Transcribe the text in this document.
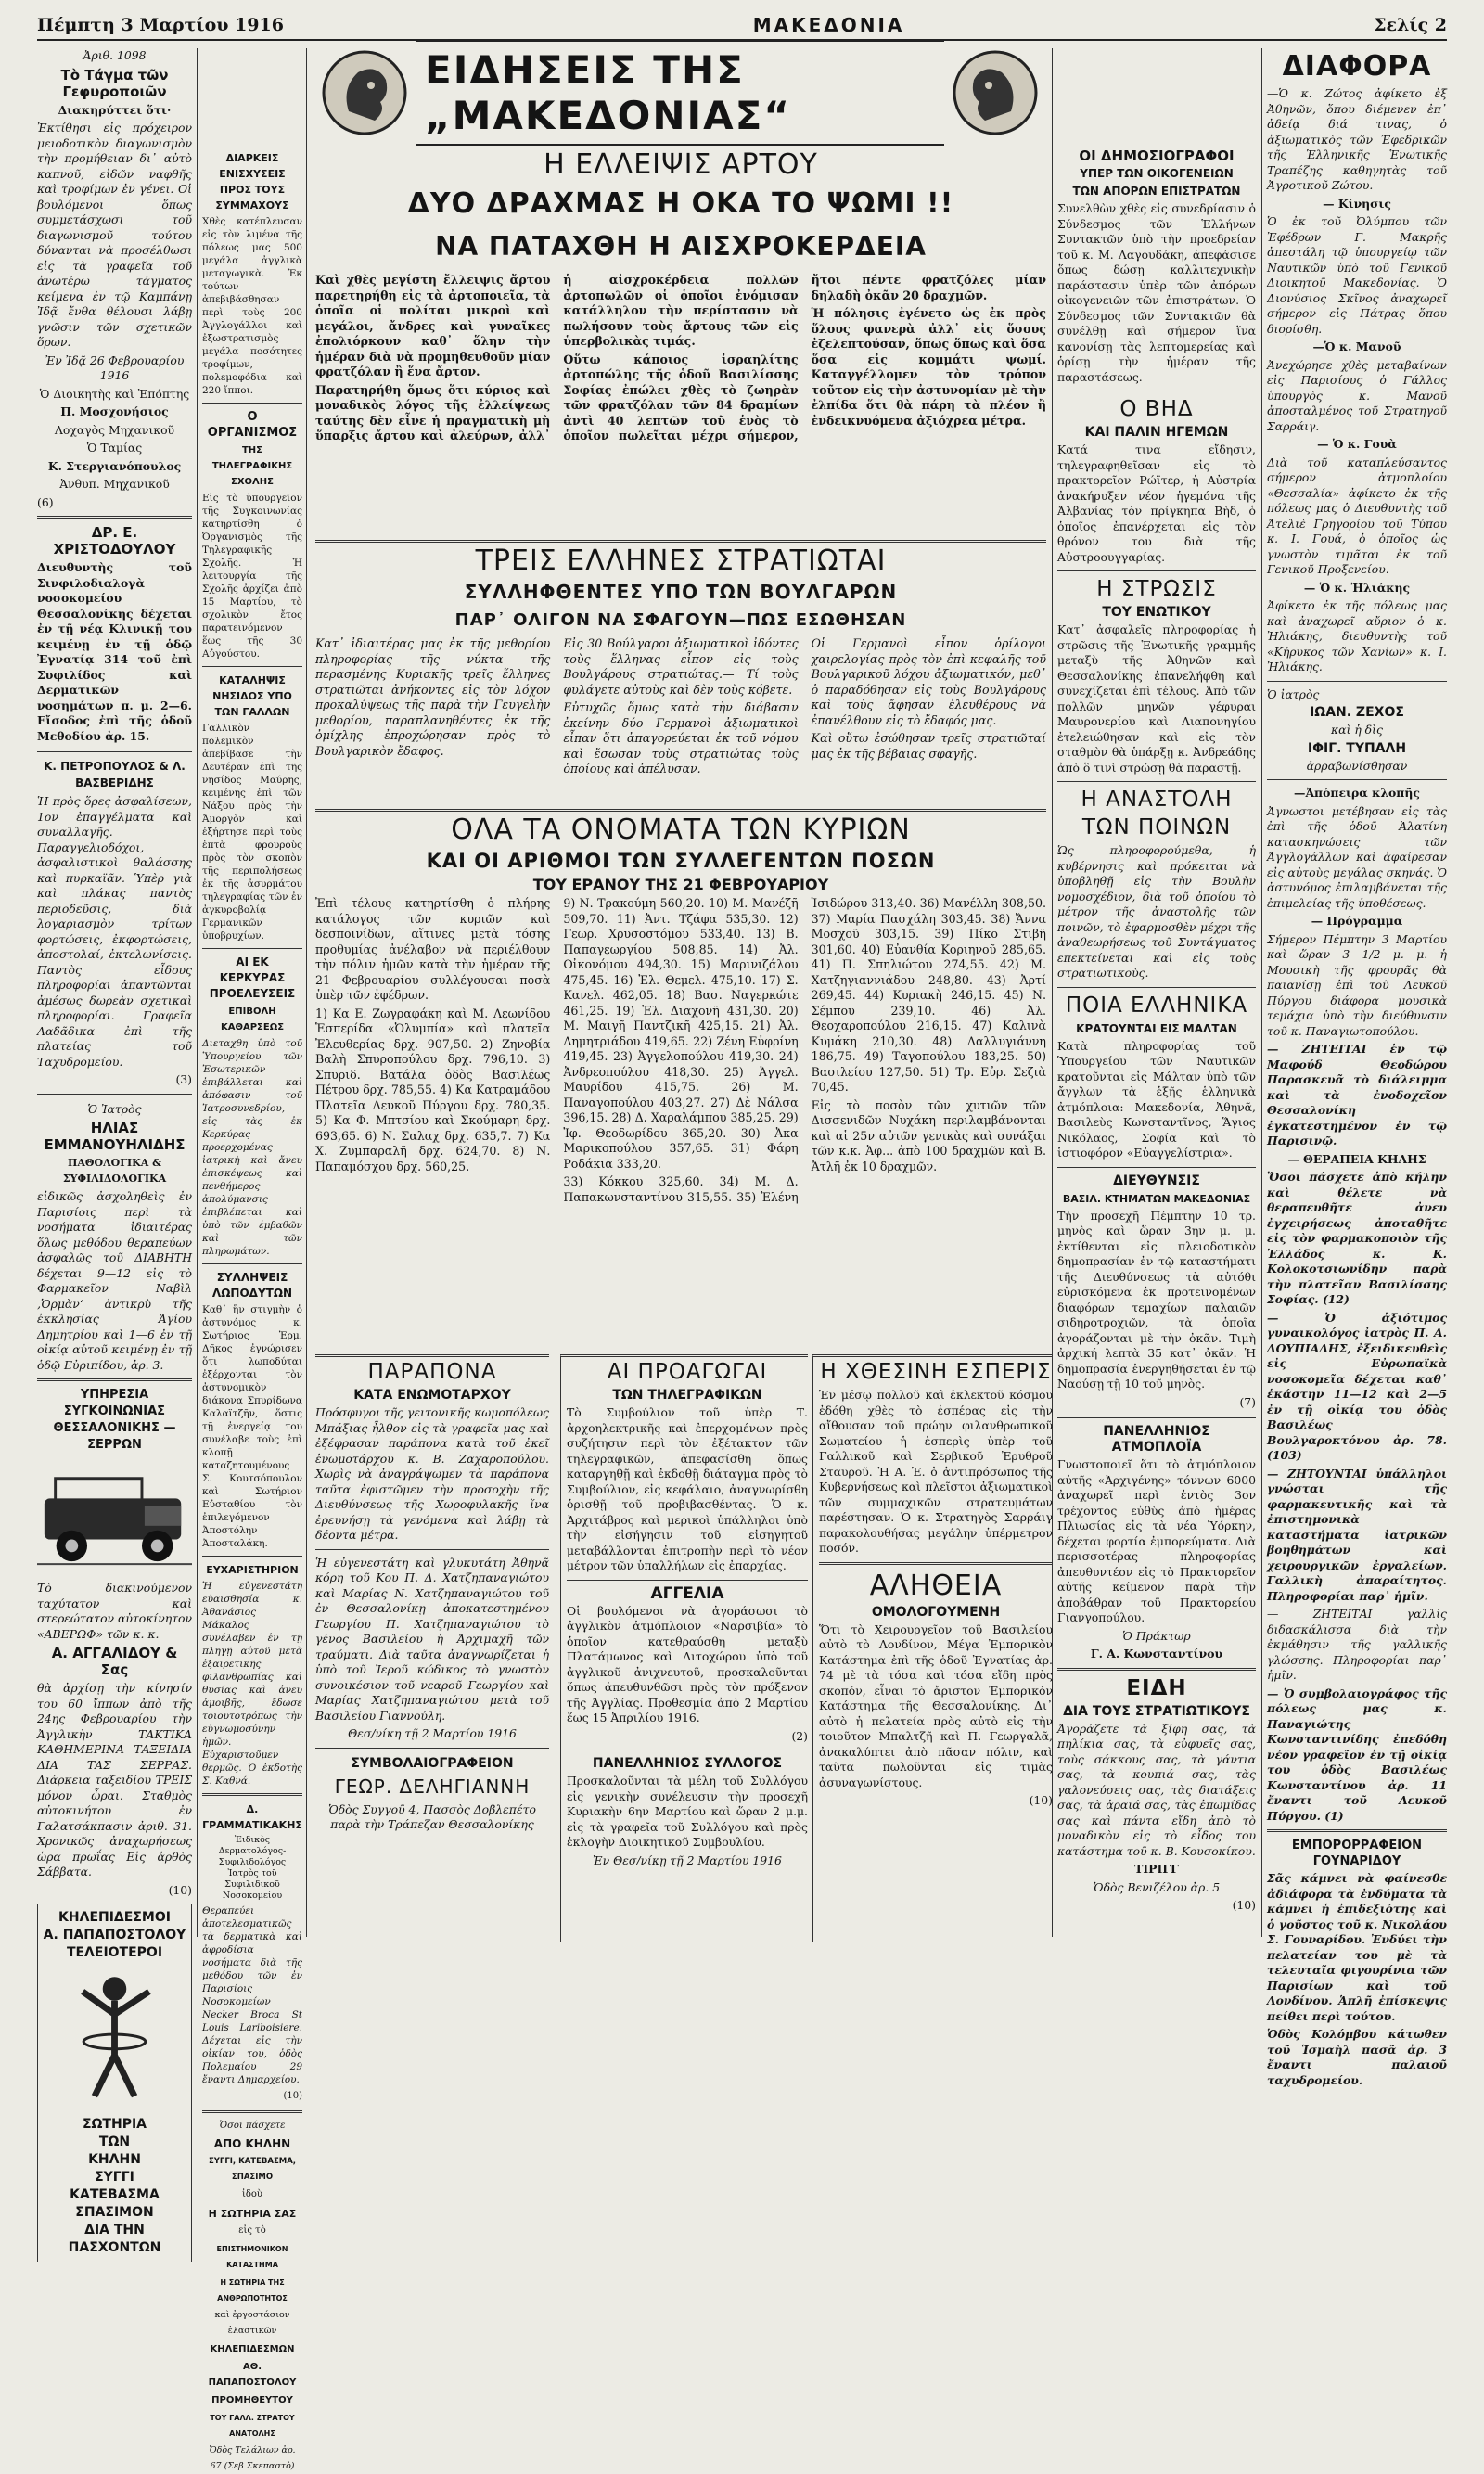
Πέμπτη 3 Μαρτίου 1916	ΜΑΚΕΔΟΝΙΑ	Σελίς 2

Ἀριθ. 1098

Τὸ Τάγμα τῶν Γεφυροποιῶν

Διακηρύττει ὅτι·

Ἐκτίθησι εἰς πρόχειρον μειοδοτικὸν διαγωνισμὸν τὴν προμήθειαν δι᾽ αὐτὸ καπνοῦ, εἰδῶν ναφθῆς καὶ τροφίμων ἐν γένει. Οἱ βουλόμενοι ὅπως συμμετάσχωσι τοῦ διαγωνισμοῦ τούτου δύνανται νὰ προσέλθωσι εἰς τὰ γραφεῖα τοῦ ἀνωτέρω τάγματος κείμενα ἐν τῷ Καμπάνῃ Ἰδᾷ ἔνθα θέλουσι λάβῃ γνῶσιν τῶν σχετικῶν ὅρων.

Ἐν Ἰδᾷ 26 Φεβρουαρίου 1916

Ὁ Διοικητὴς καὶ Ἐπόπτης

Π. Μοσχονήσιος

Λοχαγὸς Μηχανικοῦ

Ὁ Ταμίας

Κ. Στεργιανόπουλος

Ἀνθυπ. Μηχανικοῦ

(6)

ΔΡ. Ε. ΧΡΙΣΤΟΔΟΥΛΟΥ

Διευθυντὴς τοῦ Σινφιλοδιαλογὰ νοσοκομείου Θεσσαλονίκης δέχεται ἐν τῇ νέᾳ Κλινικῇ του κειμένῃ ἐν τῇ ὁδῷ Ἐγνατίᾳ 314 τοῦ ἐπὶ Συφιλίδος καὶ Δερματικῶν νοσημάτων π. μ. 2—6. Εἴσοδος ἐπὶ τῆς ὁδοῦ Μεθοδίου ἀρ. 15.

Κ. ΠΕΤΡΟΠΟΥΛΟΣ & Λ. ΒΑΣΒΕΡΙΔΗΣ

Ἡ πρὸς ὅρες ἀσφαλίσεων, 1ον ἐπαγγέλματα καὶ συναλλαγῆς. Παραγγελιοδόχοι, ἀσφαλιστικοὶ θαλάσσης καὶ πυρκαϊᾶν. Ὑπὲρ γιὰ καὶ πλάκας παντὸς περιοδεῦσις, διὰ λογαριασμὸν τρίτων φορτώσεις, ἐκφορτώσεις, ἀποστολαί, ἐκτελωνίσεις. Παντὸς εἶδους πληροφορίαι ἀπαντῶνται ἀμέσως δωρεὰν σχετικαὶ πληροφορίαι. Γραφεῖα Λαδᾶδικα ἐπὶ τῆς πλατείας τοῦ Ταχυδρομείου.

(3)

Ὁ Ἰατρὸς

ΗΛΙΑΣ ΕΜΜΑΝΟΥΗΛΙΔΗΣ

ΠΑΘΟΛΟΓΙΚΑ & ΣΥΦΙΛΙΔΟΛΟΓΙΚΑ

εἰδικῶς ἀσχοληθεὶς ἐν Παρισίοις περὶ τὰ νοσήματα ἰδιαιτέρας ὅλως μεθόδου θεραπεύων ἀσφαλῶς τοῦ ΔΙΑΒΗΤΗ δέχεται 9—12 εἰς τὸ Φαρμακεῖον Ναβὶλ ‚Ὁρμὰν‘ ἀντικρὺ τῆς ἐκκλησίας Ἁγίου Δημητρίου καὶ 1—6 ἐν τῇ οἰκίᾳ αὐτοῦ κειμένῃ ἐν τῇ ὁδῷ Εὐριπίδου, ἀρ. 3.

ΥΠΗΡΕΣΙΑ ΣΥΓΚΟΙΝΩΝΙΑΣ ΘΕΣΣΑΛΟΝΙΚΗΣ — ΣΕΡΡΩΝ

Τὸ διακινούμενον ταχύτατον καὶ στερεώτατον αὐτοκίνητον «ΑΒΕΡΩΦ» τῶν κ. κ.

Α. ΑΓΓΑΛΙΔΟΥ & Σας

θὰ ἀρχίσῃ τὴν κίνησίν του 60 ἴππων ἀπὸ τῆς 24ης Φεβρουαρίου τὴν Ἀγγλικὴν ΤΑΚΤΙΚΑ ΚΑΘΗΜΕΡΙΝΑ ΤΑΞΕΙΔΙΑ ΔΙΑ ΤΑΣ ΣΕΡΡΑΣ. Διάρκεια ταξειδίου ΤΡΕΙΣ μόνον ὧραι. Σταθμὸς αὐτοκινήτου ἐν Γαλατσάκπασιν ἀριθ. 31. Χρονικῶς ἀναχωρήσεως ὡρα πρωΐας Εἰς ἀρθὸς Σάββατα.

(10)

ΚΗΛΕΠΙΔΕΣΜΟΙ

Α. ΠΑΠΑΠΟΣΤΟΛΟΥ

ΤΕΛΕΙΟΤΕΡΟΙ

ΣΩΤΗΡΙΑ

ΤΩΝ

ΚΗΛΗΝ

ΣΥΓΓΙ

ΚΑΤΕΒΑΣΜΑ

ΣΠΑΣΙΜΟΝ

ΔΙΑ ΤΗΝ

ΠΑΣΧΟΝΤΩΝ

ΕΙΔΗΣΕΙΣ ΤΗΣ „ΜΑΚΕΔΟΝΙΑΣ“

ΔΙΑΡΚΕΙΣ ΕΝΙΣΧΥΣΕΙΣ ΠΡΟΣ ΤΟΥΣ ΣΥΜΜΑΧΟΥΣ

Χθὲς κατέπλευσαν εἰς τὸν λιμένα τῆς πόλεως μας 500 μεγάλα ἀγγλικὰ μεταγωγικὰ. Ἐκ τούτων ἀπεβιβάσθησαν περὶ τοὺς 200 Ἀγγλογάλλοι καὶ ἐξωστρατισμὸς μεγάλα ποσότητες τροφίμων, πολεμοφόδια καὶ 220 ἵπποι.

Ο ΟΡΓΑΝΙΣΜΟΣ

ΤΗΣ ΤΗΛΕΓΡΑΦΙΚΗΣ ΣΧΟΛΗΣ

Εἰς τὸ ὑπουργεῖον τῆς Συγκοινωνίας κατηρτίσθη ὁ Ὀργανισμὸς τῆς Τηλεγραφικῆς Σχολῆς. Ἡ λειτουργία τῆς Σχολῆς ἀρχίζει ἀπὸ 15 Μαρτίου, τὸ σχολικὸν ἔτος παρατεινόμενον ἕως τῆς 30 Αὐγούστου.

ΚΑΤΑΛΗΨΙΣ ΝΗΣΙΔΟΣ ΥΠΟ ΤΩΝ ΓΑΛΛΩΝ

Γαλλικὸν πολεμικὸν ἀπεβίβασε τὴν Δευτέραν ἐπὶ τῆς νησίδος Μαύρης, κειμένης ἐπὶ τῶν Νάξου πρὸς τὴν Ἀμοργὸν καὶ ἐξήρτησε περὶ τοὺς ἑπτὰ φρουροὺς πρὸς τὸν σκοπὸν τῆς περιπολήσεως ἐκ τῆς ἀσυρμάτου τηλεγραφίας τῶν ἐν ἀγκυροβολίᾳ Γερμανικῶν ὑποβρυχίων.

ΑΙ ΕΚ ΚΕΡΚΥΡΑΣ ΠΡΟΕΛΕΥΣΕΙΣ

ΕΠΙΒΟΛΗ ΚΑΘΑΡΣΕΩΣ

Διεταχθη ὑπὸ τοῦ Ὑπουργείου τῶν Ἐσωτερικῶν ἐπιβάλλεται καὶ ἀπόφασιν τοῦ Ἰατροσυνεδρίου, εἰς τὰς ἐκ Κερκύρας προερχομένας ἰατρικὴ καὶ ἄνευ ἐπισκέψεως καὶ πενθήμερος ἀπολύμανσις ἐπιβλέπεται καὶ ὑπὸ τῶν ἐμβαθῶν καὶ τῶν πληρωμάτων.

ΣΥΛΛΗΨΕΙΣ ΛΩΠΟΔΥΤΩΝ

Καθ᾽ ἣν στιγμὴν ὁ ἀστυνόμος κ. Σωτήριος Ἑρμ. Δῆκος ἐγνώρισεν ὅτι λωποδύται ἐξέρχονται τὸν ἀστυνομικὸν διάκονα Σπυρίδωνα Καλαϊτζῆν, ὅστις τῇ ἐνεργείᾳ του συνέλαβε τοὺς ἐπὶ κλοπῇ καταζητουμένους Σ. Κουτσόπουλον καὶ Σωτήριον Εὐσταθίου τὸν ἐπιλεγόμενον Ἀποστόλην Ἀποσταλάκη.

ΕΥΧΑΡΙΣΤΗΡΙΟΝ

Ἡ εὐγενεστάτη εὐαισθησία κ. Ἀθανάσιος Μάκαλος συνέλαβεν ἐν τῇ πληγῇ αὐτοῦ μετὰ ἐξαιρετικῆς φιλανθρωπίας καὶ θυσίας καὶ ἀνευ ἀμοιβῆς, ἔδωσε τοιουτοτρόπως τὴν εὐγνωμοσύνην ἡμῶν. Εὐχαριστοῦμεν θερμῶς. Ὁ ἐκδοτὴς Σ. Καθνά.

Δ. ΓΡΑΜΜΑΤΙΚΑΚΗΣ

Ἐιδικὸς Δερματολόγος-Συφιλιδολόγος Ἰατρὸς τοῦ Συφιλιδικοῦ Νοσοκομείου

Θεραπεύει ἀποτελεσματικῶς τὰ δερματικὰ καὶ ἀφροδίσια νοσήματα διὰ τῆς μεθόδου τῶν ἐν Παρισίοις Νοσοκομείων Necker Broca St Louis Lariboisiere. Δέχεται εἰς τὴν οἰκίαν του, ὁδὸς Πολεμαίου 29 ἔναντι Δημαρχείου.

(10)

Ὁσοι πάσχετε

ΑΠΟ ΚΗΛΗΝ

ΣΥΓΓΙ, ΚΑΤΕΒΑΣΜΑ, ΣΠΑΣΙΜΟ

ἰδοὺ

Η ΣΩΤΗΡΙΑ ΣΑΣ

εἰς τὸ

ΕΠΙΣΤΗΜΟΝΙΚΟΝ ΚΑΤΑΣΤΗΜΑ

Η ΣΩΤΗΡΙΑ ΤΗΣ ΑΝΘΡΩΠΟΤΗΤΟΣ

καὶ ἐργοστάσιον ἐλαστικῶν

ΚΗΛΕΠΙΔΕΣΜΩΝ

ΑΘ. ΠΑΠΑΠΟΣΤΟΛΟΥ

ΠΡΟΜΗΘΕΥΤΟΥ

ΤΟΥ ΓΑΛΛ. ΣΤΡΑΤΟΥ ΑΝΑΤΟΛΗΣ

Ὁδὸς Τελάλιων ἀρ. 67 (Σεβ Σκεπαστὸ)

Η ΕΛΛΕΙΨΙΣ ΑΡΤΟΥ

ΔΥΟ ΔΡΑΧΜΑΣ Η ΟΚΑ ΤΟ ΨΩΜΙ !!

ΝΑ ΠΑΤΑΧΘΗ Η ΑΙΣΧΡΟΚΕΡΔΕΙΑ

Καὶ χθὲς μεγίστη ἔλλειψις ἄρτου παρετηρήθη εἰς τὰ ἀρτοποιεῖα, τὰ ὁποῖα οἱ πολίται μικροὶ καὶ μεγάλοι, ἄνδρες καὶ γυναῖκες ἐπολιόρκουν καθ᾽ ὅλην τὴν ἡμέραν διὰ νὰ προμηθευθοῦν μίαν φρατζόλαν ἢ ἕνα ἄρτον.

Παρατηρήθη ὅμως ὅτι κύριος καὶ μοναδικὸς λόγος τῆς ἐλλείψεως ταύτης δὲν εἶνε ἡ πραγματικὴ μὴ ὕπαρξις ἄρτου καὶ ἀλεύρων, ἀλλ᾽ ἡ αἰσχροκέρδεια πολλῶν ἀρτοπωλῶν οἱ ὁποῖοι ἐνόμισαν κατάλληλον τὴν περίστασιν νὰ πωλήσουν τοὺς ἄρτους τῶν εἰς ὑπερβολικὰς τιμάς.

Οὕτω κάποιος ἰσραηλίτης ἀρτοπώλης τῆς ὁδοῦ Βασιλίσσης Σοφίας ἐπώλει χθὲς τὸ ζωηρὰν τῶν φρατζόλαν τῶν 84 δραμίων ἀντὶ 40 λεπτῶν τοῦ ἑνὸς τὸ ὁποῖον πωλεῖται μέχρι σήμερον, ἤτοι πέντε φρατζόλες μίαν δηλαδὴ ὀκᾶν 20 δραχμῶν.

Ἡ πόλησις ἐγένετο ὡς ἐκ πρὸς ὅλους φανερὰ ἀλλ᾽ εἰς ὅσους ἐζελεπτούσαν, ὅπως ὅπως καὶ ὅσα ὅσα εἰς κομμάτι ψωμί. Καταγγέλλομεν τὸν τρόπον τοῦτον εἰς τὴν ἀστυνομίαν μὲ τὴν ἐλπίδα ὅτι θὰ πάρη τὰ πλέον ἢ ἐνδεικνυόμενα ἀξιόχρεα μέτρα.

ΤΡΕΙΣ ΕΛΛΗΝΕΣ ΣΤΡΑΤΙΩΤΑΙ

ΣΥΛΛΗΦΘΕΝΤΕΣ ΥΠΟ ΤΩΝ ΒΟΥΛΓΑΡΩΝ

ΠΑΡ᾽ ΟΛΙΓΟΝ ΝΑ ΣΦΑΓΟΥΝ—ΠΩΣ ΕΣΩΘΗΣΑΝ

Κατ᾽ ἰδιαιτέρας μας ἐκ τῆς μεθορίου πληροφορίας τῆς νύκτα τῆς περασμένης Κυριακῆς τρεῖς ἕλληνες στρατιῶται ἀνήκοντες εἰς τὸν λόχον προκαλύψεως τῆς παρὰ τὴν Γευγελὴν μεθορίου, παραπλανηθέντες ἐκ τῆς ὀμίχλης ἐπροχώρησαν πρὸς τὸ Βουλγαρικὸν ἔδαφος.

Εἰς 30 Βούλγαροι ἀξιωματικοὶ ἰδόντες τοὺς ἕλληνας εἶπον εἰς τοὺς Βουλγάρους στρατιώτας.— Τί τοὺς φυλάγετε αὐτοὺς καὶ δὲν τοὺς κόβετε.

Εὐτυχῶς ὅμως κατὰ τὴν διάβασιν ἐκείνην δύο Γερμανοὶ ἀξιωματικοὶ εἶπαν ὅτι ἀπαγορεύεται ἐκ τοῦ νόμου καὶ ἔσωσαν τοὺς στρατιώτας τοὺς ὁποίους καὶ ἀπέλυσαν.

Οἱ Γερμανοὶ εἶπον ὁρίλογοι χαιρελογίας πρὸς τὸν ἐπὶ κεφαλῆς τοῦ Βουλγαρικοῦ λόχου ἀξιωματικόν, μεθ᾽ ὁ παραδόθησαν εἰς τοὺς Βουλγάρους καὶ τοὺς ἄφησαν ἐλευθέρους νὰ ἐπανέλθουν εἰς τὸ ἔδαφός μας.

Καὶ οὕτω ἐσώθησαν τρεῖς στρατιῶταί μας ἐκ τῆς βέβαιας σφαγῆς.

ΟΛΑ ΤΑ ΟΝΟΜΑΤΑ ΤΩΝ ΚΥΡΙΩΝ

ΚΑΙ ΟΙ ΑΡΙΘΜΟΙ ΤΩΝ ΣΥΛΛΕΓΕΝΤΩΝ ΠΟΣΩΝ

ΤΟΥ ΕΡΑΝΟΥ ΤΗΣ 21 ΦΕΒΡΟΥΑΡΙΟΥ

Ἐπὶ τέλους κατηρτίσθη ὁ πλήρης κατάλογος τῶν κυριῶν καὶ δεσποινίδων, αἵτινες μετὰ τόσης προθυμίας ἀνέλαβον νὰ περιέλθουν τὴν πόλιν ἡμῶν κατὰ τὴν ἡμέραν τῆς 21 Φεβρουαρίου συλλέγουσαι ποσὰ ὑπὲρ τῶν ἐφέδρων.

1) Κα Ε. Ζωγραφάκη καὶ Μ. Λεωνίδου Ἑσπερίδα «Ὀλυμπία» καὶ πλατεῖα Ἐλευθερίας δρχ. 907,50. 2) Ζηνοβία Βαλὴ Σπυροπούλου δρχ. 796,10. 3) Σπυριδ. Βατάλα ὁδὸς Βασιλέως Πέτρου δρχ. 785,55. 4) Κα Κατραμάδου Πλατεῖα Λευκοῦ Πύργου δρχ. 780,35. 5) Κα Φ. Μπτσίου καὶ Σκούμαρη δρχ. 693,65. 6) Ν. Σαλαχ δρχ. 635,7. 7) Κα Χ. Ζυμπαραλῆ δρχ. 624,70. 8) Ν. Παπαμόσχου δρχ. 560,25.

9) Ν. Τρακούμη 560,20. 10) Μ. Μανέζῆ 509,70. 11) Ἀντ. Τζάφα 535,30. 12) Γεωρ. Χρυσοστόμου 533,40. 13) Β. Παπαγεωργίου 508,85. 14) Ἀλ. Οἰκονόμου 494,30. 15) Μαρινιζάλου 475,45. 16) Ἐλ. Θεμελ. 475,10. 17) Σ. Κανελ. 462,05. 18) Βασ. Ναγερκώτε 461,25. 19) Ἑλ. Διαχονῆ 431,30. 20) Μ. Μαιγῆ Παντζικῆ 425,15. 21) Ἀλ. Δημητριάδου 419,65. 22) Ζένη Εὐφρίνη 419,45. 23) Ἀγγελοπούλου 419,30. 24) Ἀνδρεοπούλου 418,30. 25) Ἀγγελ. Μαυρίδου 415,75. 26) Μ. Παναγοπούλου 403,27. 27) Δὲ Νάλσα 396,15. 28) Δ. Χαραλάμπου 385,25. 29) Ἰφ. Θεοδωρίδου 365,20. 30) Ἀκα Μαρικοπούλου 357,65. 31) Φάρη Ροδάκια 333,20.

33) Κόκκου 325,60. 34) Μ. Δ. Παπακωνσταντίνου 315,55. 35) Ἑλένη Ἰσιδώρου 313,40. 36) Μανέλλη 308,50. 37) Μαρία Πασχάλη 303,45. 38) Ἄννα Μοσχοῦ 303,15. 39) Πίκο Στιβῆ 301,60. 40) Εὐανθία Κοριηνοῦ 285,65. 41) Π. Σπηλιώτου 274,55. 42) Μ. Χατζηγιαννιάδου 248,80. 43) Ἀρτί 269,45. 44) Κυριακὴ 246,15. 45) Ν. Σέμπου 239,10. 46) Ἀλ. Θεοχαροπούλου 216,15. 47) Καλινὰ Κυμάκη 210,30. 48) Λαλλυγιάννη 186,75. 49) Ταγοπούλου 183,25. 50) Βασιλείου 127,50. 51) Τρ. Εὐρ. Σεζιὰ 70,45.

Εἰς τὸ ποσὸν τῶν χυτιῶν τῶν Δισσενιδῶν Νυχάκη περιλαμβάνονται καὶ αἱ 25ν αὐτῶν γενικὰς καὶ συνάξαι τῶν κ.κ. Ἀφ... ἀπὸ 100 δραχμῶν καὶ Β. Ἀτλῆ ἐκ 10 δραχμῶν.

ΠΑΡΑΠΟΝΑ

ΚΑΤΑ ΕΝΩΜΟΤΑΡΧΟΥ

Πρόσφυγοι τῆς γειτονικῆς κωμοπόλεως Μπάξιας ἦλθον εἰς τὰ γραφεῖα μας καὶ ἐξέφρασαν παράπονα κατὰ τοῦ ἐκεῖ ἐνωμοτάρχου κ. Β. Ζαχαροπούλου. Χωρὶς νὰ ἀναγράψωμεν τὰ παράπονα ταῦτα ἐφιστῶμεν τὴν προσοχὴν τῆς Διευθύνσεως τῆς Χωροφυλακῆς ἵνα ἐρευνήσῃ τὰ γενόμενα καὶ λάβῃ τὰ δέοντα μέτρα.

Ἡ εὐγενεστάτη καὶ γλυκυτάτη Ἀθηνᾶ κόρη τοῦ Κου Π. Δ. Χατζηπαναγιώτου καὶ Μαρίας Ν. Χατζηπαναγιώτου τοῦ ἐν Θεσσαλονίκῃ ἀποκατεστημένου Γεωργίου Π. Χατζηπαναγιώτου τὸ γένος Βασιλείου ἡ Ἀρχιμαχῆ τῶν τραύματι. Διὰ ταῦτα ἀναγνωρίζεται ἡ ὑπὸ τοῦ Ἱεροῦ κώδικος τὸ γνωστὸν συνοικέσιον τοῦ νεαροῦ Γεωργίου καὶ Μαρίας Χατζηπαναγιώτου μετὰ τοῦ Βασιλείου Γιαννούλη.

Θεσ/νίκη τῇ 2 Μαρτίου 1916

ΣΥΜΒΟΛΑΙΟΓΡΑΦΕΙΟΝ

ΓΕΩΡ. ΔΕΛΗΓΙΑΝΝΗ

Ὁδὸς Συγγοῦ 4, Πασσὸς Δοβλεπέτο παρὰ τὴν Τράπεζαν Θεσσαλονίκης

ΑΙ ΠΡΟΑΓΩΓΑΙ

ΤΩΝ ΤΗΛΕΓΡΑΦΙΚΩΝ

Τὸ Συμβούλιον τοῦ ὑπὲρ Τ. ἀρχοηλεκτρικῆς καὶ ἐπερχομένων πρὸς συζήτησιν περὶ τὸν ἐξέτακτον τῶν τηλεγραφικῶν, ἀπεφασίσθη ὅπως καταργηθῇ καὶ ἐκδοθῇ διάταγμα πρὸς τὸ Συμβούλιον, εἰς κεφάλαιο, ἀναγνωρίσθη ὁρισθῇ τοῦ προβιβασθέντας. Ὁ κ. Ἀρχιτάβρος καὶ μερικοὶ ὑπάλληλοι ὑπὸ τὴν εἰσήγησιν τοῦ εἰσηγητοῦ μεταβάλλονται ἐπιτροπὴν περὶ τὸ νέον μέτρον τῶν ὑπαλλήλων εἰς ἐπαρχίας.

ΑΓΓΕΛΙΑ

Οἱ βουλόμενοι νὰ ἀγοράσωσι τὸ ἀγγλικὸν ἀτμόπλοιον «Ναρσιβία» τὸ ὁποῖον κατεθραύσθη μεταξὺ Πλατάμωνος καὶ Λιτοχώρου ὑπὸ τοῦ ἀγγλικοῦ ἀνιχνευτοῦ, προσκαλοῦνται ὅπως ἀπευθυνθῶσι πρὸς τὸν πρόξενον τῆς Ἀγγλίας. Προθεσμία ἀπὸ 2 Μαρτίου ἕως 15 Ἀπριλίου 1916.

(2)

ΠΑΝΕΛΛΗΝΙΟΣ ΣΥΛΛΟΓΟΣ

Προσκαλοῦνται τὰ μέλη τοῦ Συλλόγου εἰς γενικὴν συνέλευσιν τὴν προσεχῆ Κυριακὴν 6ην Μαρτίου καὶ ὥραν 2 μ.μ. εἰς τὰ γραφεῖα τοῦ Συλλόγου καὶ πρὸς ἐκλογὴν Διοικητικοῦ Συμβουλίου.

Ἐν Θεσ/νίκῃ τῇ 2 Μαρτίου 1916

Η ΧΘΕΣΙΝΗ ΕΣΠΕΡΙΣ

Ἐν μέσῳ πολλοῦ καὶ ἐκλεκτοῦ κόσμου ἐδόθη χθὲς τὸ ἑσπέρας εἰς τὴν αἴθουσαν τοῦ πρώην φιλανθρωπικοῦ Σωματείου ἡ ἑσπερὶς ὑπὲρ τοῦ Γαλλικοῦ καὶ Σερβικοῦ Ἐρυθροῦ Σταυροῦ. Ἡ Α. Ἐ. ὁ ἀντιπρόσωπος τῆς Κυβερνήσεως καὶ πλεῖστοι ἀξιωματικοὶ τῶν συμμαχικῶν στρατευμάτων παρέστησαν. Ὁ κ. Στρατηγὸς Σαρράιγ παρακολουθήσας μεγάλην ὑπέρμετρον ποσόν.

ΑΛΗΘΕΙΑ

ΟΜΟΛΟΓΟΥΜΕΝΗ

Ὅτι τὸ Χειρουργεῖον τοῦ Βασιλείου αὐτὸ τὸ Λονδίνον, Μέγα Ἐμπορικὸν Κατάστημα ἐπὶ τῆς ὁδοῦ Ἐγνατίας ἀρ. 74 μὲ τὰ τόσα καὶ τόσα εἴδη πρὸς σκοπόν, εἶναι τὸ ἄριστον Ἐμπορικὸν Κατάστημα τῆς Θεσσαλονίκης. Δι᾽ αὐτὸ ἡ πελατεία πρὸς αὐτὸ εἰς τὴν τοιοῦτον Μπαλτζῆ καὶ Π. Γεωργαλᾶ, ἀνακαλύπτει ἀπὸ πᾶσαν πόλιν, καὶ ταῦτα πωλοῦνται εἰς τιμὰς ἀσυναγωνίστους.

(10)

ΟΙ ΔΗΜΟΣΙΟΓΡΑΦΟΙ

ΥΠΕΡ ΤΩΝ ΟΙΚΟΓΕΝΕΙΩΝ

ΤΩΝ ΑΠΟΡΩΝ ΕΠΙΣΤΡΑΤΩΝ

Συνελθὼν χθὲς εἰς συνεδρίασιν ὁ Σύνδεσμος τῶν Ἑλλήνων Συντακτῶν ὑπὸ τὴν προεδρείαν τοῦ κ. Μ. Λαγουδάκη, ἀπεφάσισε ὅπως δώσῃ καλλιτεχνικὴν παράστασιν ὑπὲρ τῶν ἀπόρων οἰκογενειῶν τῶν ἐπιστράτων. Ὁ Σύνδεσμος τῶν Συντακτῶν θὰ συνέλθῃ καὶ σήμερον ἵνα κανονίσῃ τὰς λεπτομερείας καὶ ὁρίσῃ τὴν ἡμέραν τῆς παραστάσεως.

Ο ΒΗΔ

ΚΑΙ ΠΑΛΙΝ ΗΓΕΜΩΝ

Κατά τινα εἴδησιν, τηλεγραφηθεῖσαν εἰς τὸ πρακτορεῖον Ρώϊτερ, ἡ Αὐστρία ἀνακήρυξεν νέον ἡγεμόνα τῆς Ἀλβανίας τὸν πρίγκηπα Βὴδ, ὁ ὁποῖος ἐπανέρχεται εἰς τὸν θρόνον του διὰ τῆς Αὐστροουγγαρίας.

Η ΣΤΡΩΣΙΣ

ΤΟΥ ΕΝΩΤΙΚΟΥ

Κατ᾽ ἀσφαλεῖς πληροφορίας ἡ στρῶσις τῆς Ἑνωτικῆς γραμμῆς μεταξὺ τῆς Ἀθηνῶν καὶ Θεσσαλονίκης ἐπανελήφθη καὶ συνεχίζεται ἐπὶ τέλους. Ἀπὸ τῶν πολλῶν μηνῶν γέφυραι Μαυρονερίου καὶ Λιαπονηγίου ἐτελειώθησαν καὶ εἰς τὸν σταθμὸν θὰ ὑπάρξῃ κ. Ἀνδρεάδης ἀπὸ ὃ τινὶ στρώσῃ θὰ παραστῇ.

Η ΑΝΑΣΤΟΛΗ

ΤΩΝ ΠΟΙΝΩΝ

Ὡς πληροφορούμεθα, ἡ κυβέρνησις καὶ πρόκειται νὰ ὑποβληθῇ εἰς τὴν Βουλὴν νομοσχέδιον, διὰ τοῦ ὁποίου τὸ μέτρον τῆς ἀναστολῆς τῶν ποινῶν, τὸ ἐφαρμοσθὲν μέχρι τῆς ἀναθεωρήσεως τοῦ Συντάγματος επεκτείνεται καὶ εἰς τοὺς στρατιωτικοὺς.

ΠΟΙΑ ΕΛΛΗΝΙΚΑ

ΚΡΑΤΟΥΝΤΑΙ ΕΙΣ ΜΑΛΤΑΝ

Κατὰ πληροφορίας τοῦ Ὑπουργείου τῶν Ναυτικῶν κρατοῦνται εἰς Μάλταν ὑπὸ τῶν ἄγγλων τὰ ἑξῆς ἑλληνικὰ ἀτμόπλοια: Μακεδονία, Ἀθηνᾶ, Βασιλεὺς Κωνσταντῖνος, Ἅγιος Νικόλαος, Σοφία καὶ τὸ ἱστιοφόρον «Εὐαγγελίστρια».

ΔΙΕΥΘΥΝΣΙΣ

ΒΑΣΙΛ. ΚΤΗΜΑΤΩΝ ΜΑΚΕΔΟΝΙΑΣ

Τὴν προσεχῆ Πέμπτην 10 τρ. μηνὸς καὶ ὥραν 3ην μ. μ. ἐκτίθενται εἰς πλειοδοτικὸν δημοπρασίαν ἐν τῷ καταστήματι τῆς Διευθύνσεως τὰ αὐτόθι εὑρισκόμενα ἐκ προτεινομένων διαφόρων τεμαχίων παλαιῶν σιδηροτροχιῶν, τὰ ὁποῖα ἀγοράζονται μὲ τὴν ὀκᾶν. Τιμὴ ἀρχική λεπτὰ 35 κατ᾽ ὀκᾶν. Ἡ δημοπρασία ἐνεργηθήσεται ἐν τῷ Ναούσῃ τῇ 10 τοῦ μηνὸς.

(7)

ΠΑΝΕΛΛΗΝΙΟΣ ΑΤΜΟΠΛΟΪΑ

Γνωστοποιεῖ ὅτι τὸ ἀτμόπλοιον αὐτῆς «Ἀρχιγένης» τόννων 6000 ἀναχωρεῖ περὶ ἐντὸς 3ον τρέχοντος εὐθὺς ἀπὸ ἡμέρας Πλιωσίας εἰς τὰ νέα Ὑόρκην, δέχεται φορτία ἐμπορεύματα. Διὰ περισσοτέρας πληροφορίας ἀπευθυντέον εἰς τὸ Πρακτορεῖον αὐτῆς κείμενον παρὰ τὴν ἀποβάθραν τοῦ Πρακτορείου Γιανγοπούλου.

Ὁ Πράκτωρ

Γ. Α. Κωνσταντίνου

ΕΙΔΗ

ΔΙΑ ΤΟΥΣ ΣΤΡΑΤΙΩΤΙΚΟΥΣ

Ἀγοράζετε τὰ ξίφη σας, τὰ πηλίκια σας, τὰ εὐφυεῖς σας, τοὺς σάκκους σας, τὰ γάντια σας, τὰ κουπιά σας, τὰς γαλονεύσεις σας, τὰς διατάξεις σας, τὰ ἀραιά σας, τὰς ἐπωμίδας σας καὶ πάντα εἴδη ἀπὸ τὸ μοναδικὸν εἰς τὸ εἶδος του κατάστημα τοῦ κ. Β. Κουσοκίκου.

ΤΙΡΙΓΓ

Ὁδὸς Βενιζέλου ἀρ. 5

(10)

ΔΙΑΦΟΡΑ

—Ὁ κ. Ζώτος ἀφίκετο ἐξ Ἀθηνῶν, ὅπου διέμενεν ἐπ᾽ ἀδείᾳ διά τινας, ὁ ἀξιωματικὸς τῶν Ἐφεδρικῶν τῆς Ἑλληνικῆς Ἑνωτικῆς Τραπέζης καθηγητὰς τοῦ Ἀγροτικοῦ Ζώτου.

— Κίνησις

Ὁ ἐκ τοῦ Ὀλύμπου τῶν Ἐφέδρων Γ. Μακρῆς ἀπεστάλη τῷ ὑπουργείῳ τῶν Ναυτικῶν ὑπὸ τοῦ Γενικοῦ Διοικητοῦ Μακεδονίας. Ὁ Διονύσιος Σκῖνος ἀναχωρεῖ σήμερον εἰς Πάτρας ὅπου διορίσθη.

—Ὁ κ. Μανοῦ

Ἀνεχώρησε χθὲς μεταβαίνων εἰς Παρισίους ὁ Γάλλος ὑπουργὸς κ. Μανοῦ ἀποσταλμένος τοῦ Στρατηγοῦ Σαρράιγ.

— Ὁ κ. Γουὰ

Διὰ τοῦ καταπλεύσαντος σήμερον ἀτμοπλοίου «Θεσσαλία» ἀφίκετο ἐκ τῆς πόλεως μας ὁ Διευθυντὴς τοῦ Ἀτελιὲ Γρηγορίου τοῦ Τύπου κ. Ι. Γουά, ὁ ὁποῖος ὡς γνωστὸν τιμᾶται ἐκ τοῦ Γενικοῦ Προξενείου.

— Ὁ κ. Ἠλιάκης

Ἀφίκετο ἐκ τῆς πόλεως μας καὶ ἀναχωρεῖ αὔριον ὁ κ. Ἠλιάκης, διευθυντὴς τοῦ «Κήρυκος τῶν Χανίων» κ. Ι. Ἠλιάκης.

Ὁ ἰατρὸς

ΙΩΑΝ. ΖΕΧΟΣ

καὶ ἡ δὶς

ΙΦΙΓ. ΤΥΠΑΛΗ

ἀρραβωνίσθησαν

—Ἀπόπειρα κλοπῆς

Ἀγνωστοι μετέβησαν εἰς τὰς ἐπὶ τῆς ὁδοῦ Ἁλατίνη κατασκηνώσεις τῶν Ἀγγλογάλλων καὶ ἀφαίρεσαν εἰς αὐτοὺς μεγάλας σκηνάς. Ὁ ἀστυνόμος ἐπιλαμβάνεται τῆς ἐπιμελείας τῆς ὑποθέσεως.

— Πρόγραμμα

Σήμερον Πέμπτην 3 Μαρτίου καὶ ὥραν 3 1/2 μ. μ. ἡ Μουσικὴ τῆς φρουρᾶς θὰ παιανίσῃ ἐπὶ τοῦ Λευκοῦ Πύργου διάφορα μουσικὰ τεμάχια ὑπὸ τὴν διεύθυνσιν τοῦ κ. Παναγιωτοπούλου.

— ΖΗΤΕΙΤΑΙ ἐν τῷ Μαφούδ Θεοδώρου Παρασκευᾶ τὸ διάλειμμα καὶ τὰ ἐνοδοχεῖον Θεσσαλονίκη ἐγκατεστημένον ἐν τῷ Παρισινῷ.

— ΘΕΡΑΠΕΙΑ ΚΗΛΗΣ

Ὅσοι πάσχετε ἀπὸ κήλην καὶ θέλετε νὰ θεραπευθῆτε ἀνευ ἐγχειρήσεως ἀποταθῆτε εἰς τὸν φαρμακοποιὸν τῆς Ἐλλάδος κ. Κ. Κολοκοτσιωνίδην παρὰ τὴν πλατεῖαν Βασιλίσσης Σοφίας. (12)

— Ὁ ἀξιότιμος γυναικολόγος ἰατρὸς Π. Α. ΛΟΥΠΙΑΔΗΣ, ἐξειδικευθεὶς εἰς Εὐρωπαϊκὰ νοσοκομεῖα δέχεται καθ᾽ ἑκάστην 11—12 καὶ 2—5 ἐν τῇ οἰκίᾳ του ὁδὸς Βασιλέως Βουλγαροκτόνου ἀρ. 78. (103)

— ΖΗΤΟΥΝΤΑΙ ὑπάλληλοι γνώσται τῆς φαρμακευτικῆς καὶ τὰ ἐπιστημονικὰ καταστήματα ἰατρικῶν βοηθημάτων καὶ χειρουργικῶν ἐργαλείων. Γαλλικὴ ἀπαραίτητος. Πληροφορίαι παρ᾽ ἡμῖν.

— ΖΗΤΕΙΤΑΙ γαλλὶς διδασκάλισσα διὰ τὴν ἐκμάθησιν τῆς γαλλικῆς γλώσσης. Πληροφορίαι παρ᾽ ἡμῖν.

— Ὁ συμβολαιογράφος τῆς πόλεως μας κ. Παναγιώτης Κωνσταντινίδης ἐπεδόθη νέον γραφεῖον ἐν τῇ οἰκίᾳ του ὁδὸς Βασιλέως Κωνσταντίνου ἀρ. 11 ἔναντι τοῦ Λευκοῦ Πύργου. (1)

ΕΜΠΟΡΟΡΡΑΦΕΙΟΝ ΓΟΥΝΑΡΙΔΟΥ

Σᾶς κάμνει νὰ φαίνεσθε ἀδιάφορα τὰ ἐνδύματα τὰ κάμνει ἡ ἐπιδεξιότης καὶ ὁ γοῦστος τοῦ κ. Νικολάου Σ. Γουναρίδου. Ἐνδύει τὴν πελατείαν του μὲ τὰ τελευταῖα φιγουρίνια τῶν Παρισίων καὶ τοῦ Λονδίνου. Ἁπλῆ ἐπίσκεψις πείθει περὶ τούτου.

Ὁδὸς Κολόμβου κάτωθεν τοῦ Ἱσμαὴλ πασᾶ ἀρ. 3 ἔναντι παλαιοῦ ταχυδρομείου.
